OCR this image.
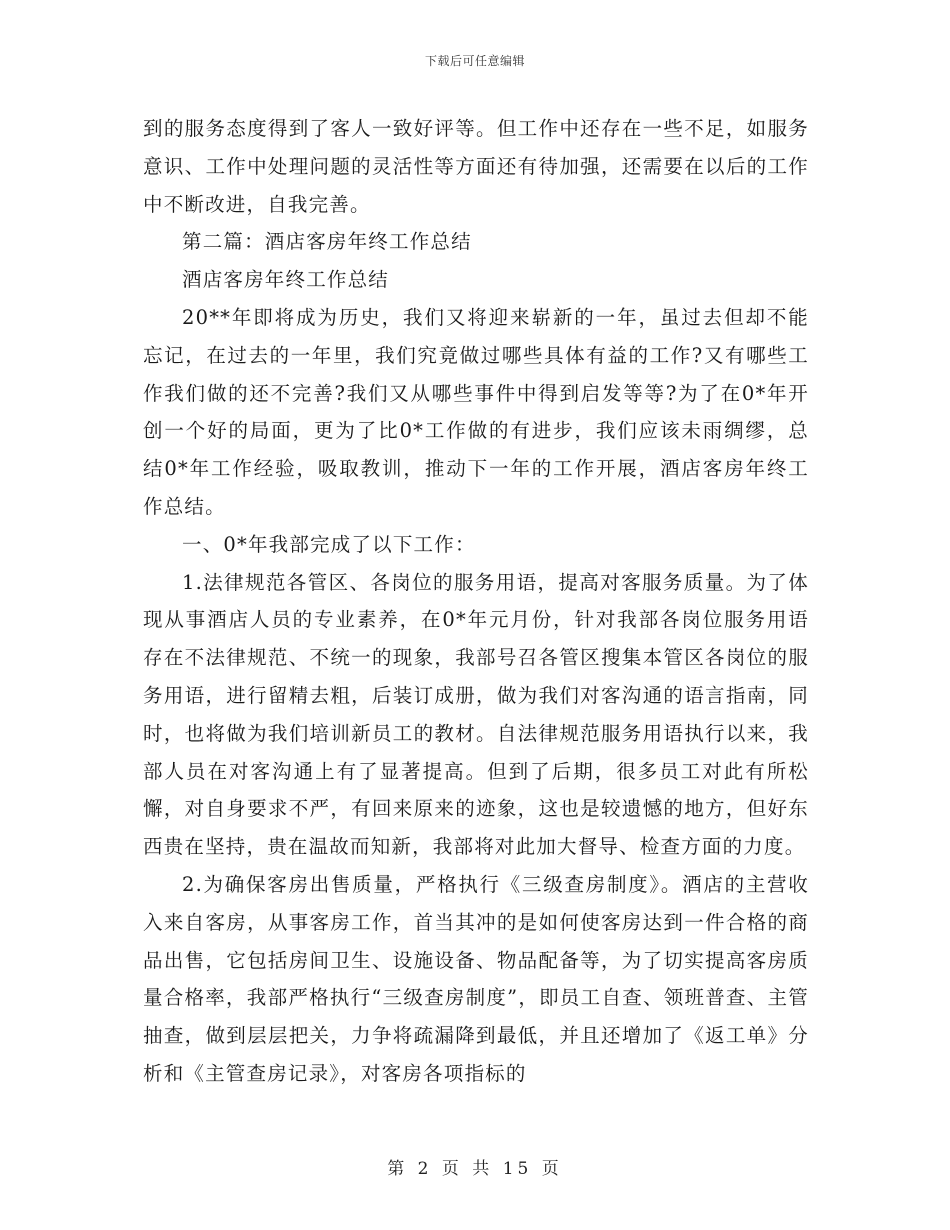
下载后可任意编辑

到的服务态度得到了客人一致好评等。但工作中还存在一些不足，如服务意识、工作中处理问题的灵活性等方面还有待加强，还需要在以后的工作中不断改进，自我完善。

第二篇：酒店客房年终工作总结

酒店客房年终工作总结

20**年即将成为历史，我们又将迎来崭新的一年，虽过去但却不能忘记，在过去的一年里，我们究竟做过哪些具体有益的工作?又有哪些工作我们做的还不完善?我们又从哪些事件中得到启发等等?为了在0*年开创一个好的局面，更为了比0*工作做的有进步，我们应该未雨绸缪，总结0*年工作经验，吸取教训，推动下一年的工作开展，酒店客房年终工作总结。

一、0*年我部完成了以下工作：

1.法律规范各管区、各岗位的服务用语，提高对客服务质量。为了体现从事酒店人员的专业素养，在0*年元月份，针对我部各岗位服务用语存在不法律规范、不统一的现象，我部号召各管区搜集本管区各岗位的服务用语，进行留精去粗，后装订成册，做为我们对客沟通的语言指南，同时，也将做为我们培训新员工的教材。自法律规范服务用语执行以来，我部人员在对客沟通上有了显著提高。但到了后期，很多员工对此有所松懈，对自身要求不严，有回来原来的迹象，这也是较遗憾的地方，但好东西贵在坚持，贵在温故而知新，我部将对此加大督导、检查方面的力度。

2.为确保客房出售质量，严格执行《三级查房制度》。酒店的主营收入来自客房，从事客房工作，首当其冲的是如何使客房达到一件合格的商品出售，它包括房间卫生、设施设备、物品配备等，为了切实提高客房质量合格率，我部严格执行“三级查房制度”，即员工自查、领班普查、主管抽查，做到层层把关，力争将疏漏降到最低，并且还增加了《返工单》分析和《主管查房记录》，对客房各项指标的

第 2 页 共 15 页
